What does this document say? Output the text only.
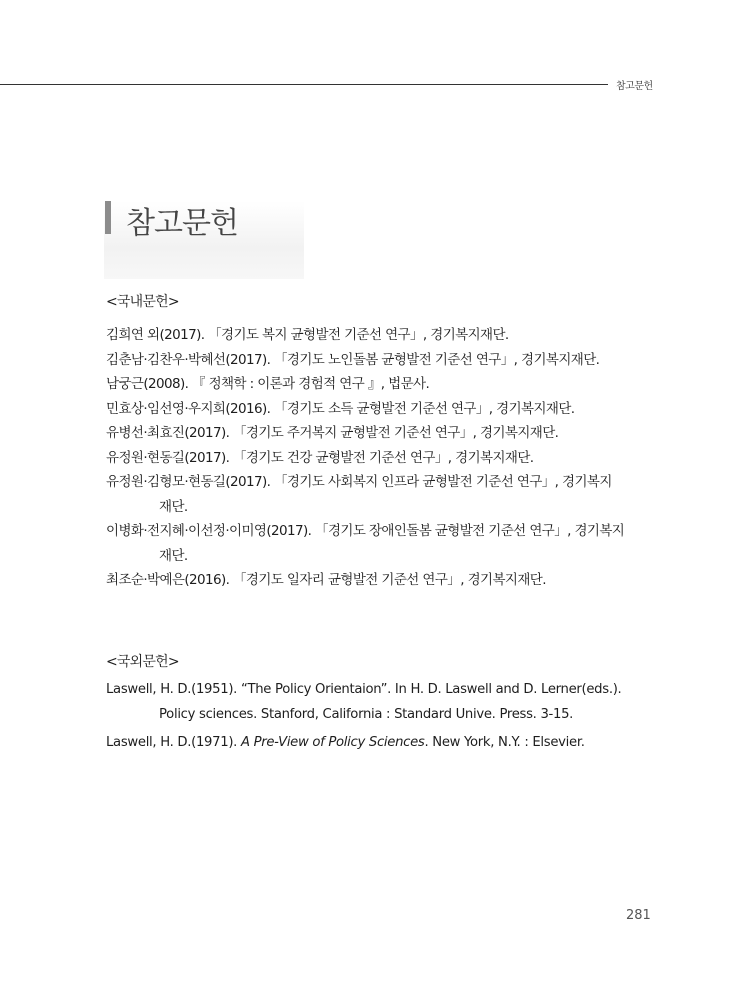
참고문헌
참고문헌
<국내문헌>
김희연 외(2017). 「경기도 복지 균형발전 기준선 연구」, 경기복지재단.
김춘남·김찬우·박혜선(2017). 「경기도 노인돌봄 균형발전 기준선 연구」, 경기복지재단.
남궁근(2008). 『 정책학 : 이론과 경험적 연구 』, 법문사.
민효상·임선영·우지희(2016). 「경기도 소득 균형발전 기준선 연구」, 경기복지재단.
유병선·최효진(2017). 「경기도 주거복지 균형발전 기준선 연구」, 경기복지재단.
유정원·현동길(2017). 「경기도 건강 균형발전 기준선 연구」, 경기복지재단.
유정원·김형모·현동길(2017). 「경기도 사회복지 인프라 균형발전 기준선 연구」, 경기복지
재단.
이병화·전지혜·이선정·이미영(2017). 「경기도 장애인돌봄 균형발전 기준선 연구」, 경기복지
재단.
최조순·박예은(2016). 「경기도 일자리 균형발전 기준선 연구」, 경기복지재단.
<국외문헌>
Laswell, H. D.(1951). “The Policy Orientaion”. In H. D. Laswell and D. Lerner(eds.).
Policy sciences. Stanford, California : Standard Unive. Press. 3-15.
Laswell, H. D.(1971). A Pre-View of Policy Sciences. New York, N.Y. : Elsevier.
281
